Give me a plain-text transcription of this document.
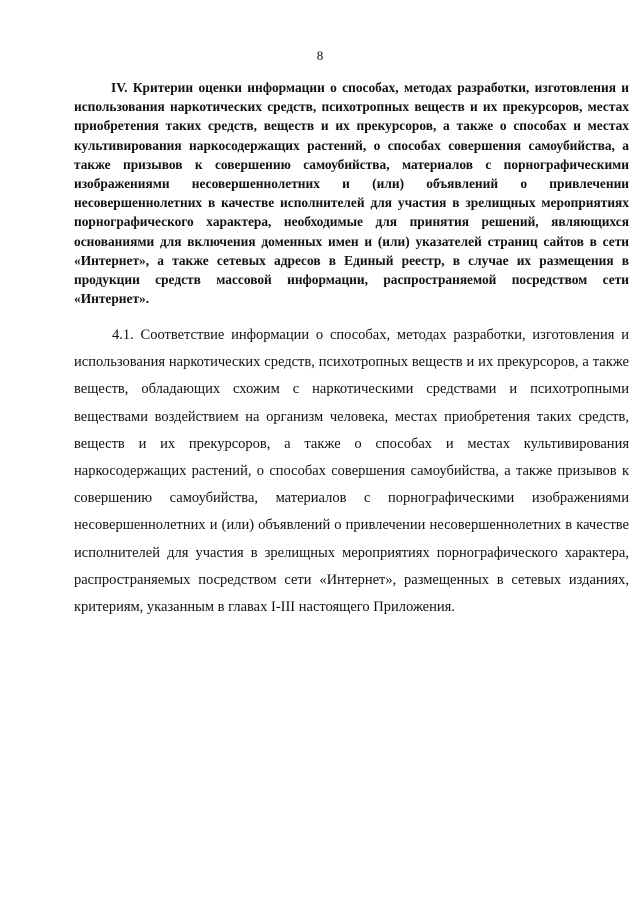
8

IV. Критерии оценки информации о способах, методах разработки, изготовления и использования наркотических средств, психотропных веществ и их прекурсоров, местах приобретения таких средств, веществ и их прекурсоров, а также о способах и местах культивирования наркосодержащих растений, о способах совершения самоубийства, а также призывов к совершению самоубийства, материалов с порнографическими изображениями несовершеннолетних и (или) объявлений о привлечении несовершеннолетних в качестве исполнителей для участия в зрелищных мероприятиях порнографического характера, необходимые для принятия решений, являющихся основаниями для включения доменных имен и (или) указателей страниц сайтов в сети «Интернет», а также сетевых адресов в Единый реестр, в случае их размещения в продукции средств массовой информации, распространяемой посредством сети «Интернет».

4.1. Соответствие информации о способах, методах разработки, изготовления и использования наркотических средств, психотропных веществ и их прекурсоров, а также веществ, обладающих схожим с наркотическими средствами и психотропными веществами воздействием на организм человека, местах приобретения таких средств, веществ и их прекурсоров, а также о способах и местах культивирования наркосодержащих растений, о способах совершения самоубийства, а также призывов к совершению самоубийства, материалов с порнографическими изображениями несовершеннолетних и (или) объявлений о привлечении несовершеннолетних в качестве исполнителей для участия в зрелищных мероприятиях порнографического характера, распространяемых посредством сети «Интернет», размещенных в сетевых изданиях, критериям, указанным в главах I-III настоящего Приложения.
